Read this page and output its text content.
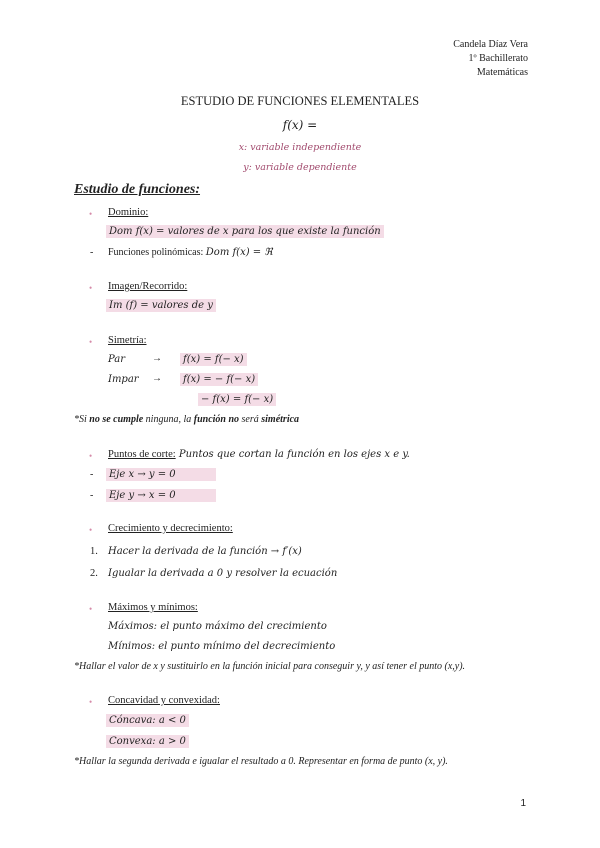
Candela Díaz Vera
1º Bachillerato
Matemáticas
ESTUDIO DE FUNCIONES ELEMENTALES
f(x) =
x: variable independiente
y: variable dependiente
Estudio de funciones:
• Dominio:
Dom f(x) = valores de x para los que existe la función
- Funciones polinómicas: Dom f(x) = ℜ
• Imagen/Recorrido:
Im (f) = valores de y
• Simetría:
Par	→	f(x) = f(− x)
Impar →	f(x) = − f(− x)
− f(x) = f(− x)
*Si no se cumple ninguna, la función no será simétrica
• Puntos de corte: Puntos que cortan la función en los ejes x e y.
-	Eje x → y = 0
-	Eje y → x = 0
• Crecimiento y decrecimiento:
1. Hacer la derivada de la función → f′(x)
2. Igualar la derivada a 0 y resolver la ecuación
• Máximos y mínimos:
Máximos: el punto máximo del crecimiento
Mínimos: el punto mínimo del decrecimiento
*Hallar el valor de x y sustituirlo en la función inicial para conseguir y, y así tener el punto (x,y).
• Concavidad y convexidad:
Cóncava: a < 0
Convexa: a > 0
*Hallar la segunda derivada e igualar el resultado a 0. Representar en forma de punto (x, y).
1
